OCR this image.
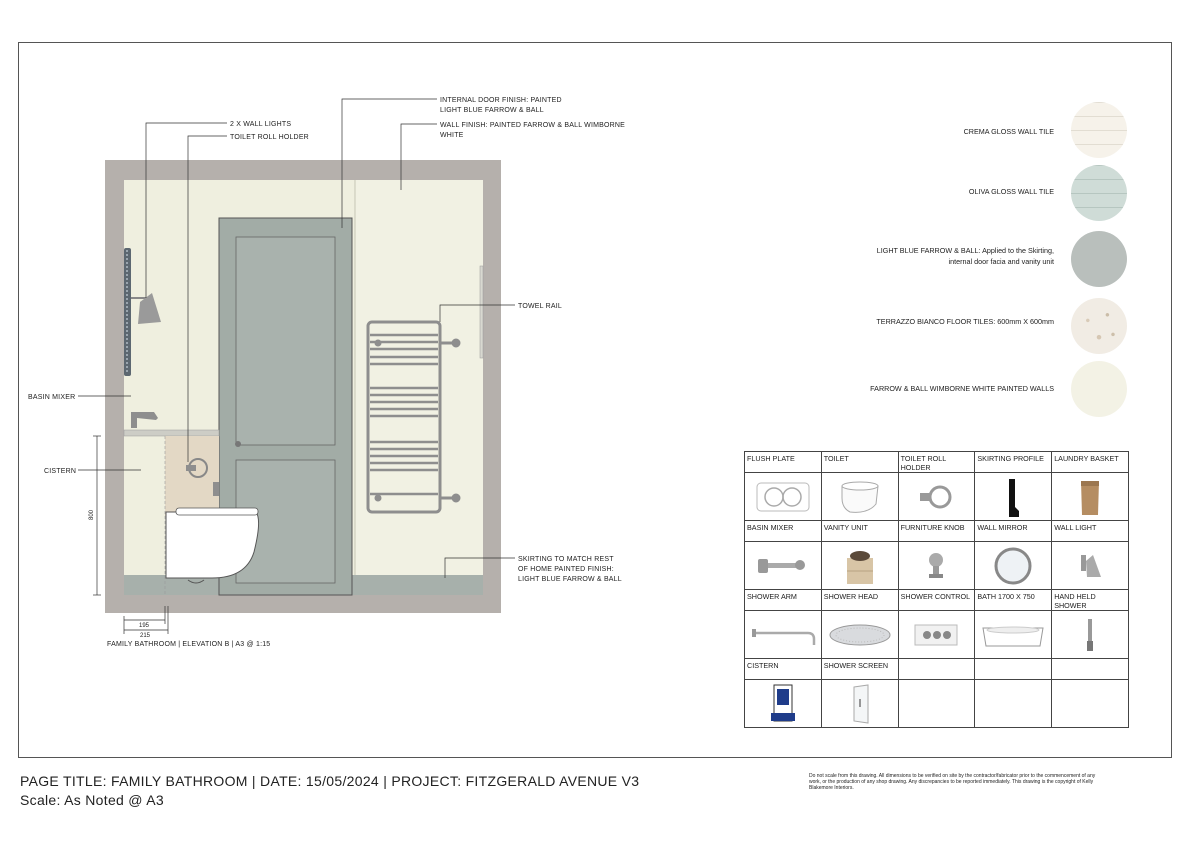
2 X WALL LIGHTS
TOILET ROLL HOLDER
INTERNAL DOOR FINISH: PAINTED
LIGHT BLUE FARROW & BALL
WALL FINISH: PAINTED FARROW & BALL WIMBORNE
WHITE
TOWEL RAIL
BASIN MIXER
CISTERN
SKIRTING TO MATCH REST
OF HOME PAINTED FINISH:
LIGHT BLUE FARROW & BALL
800
195
215
FAMILY BATHROOM | ELEVATION B | A3 @ 1:15
CREMA GLOSS WALL TILE
OLIVA GLOSS WALL TILE
LIGHT BLUE FARROW & BALL: Applied to the Skirting,
internal door facia and vanity unit
TERRAZZO BIANCO FLOOR TILES: 600mm X 600mm
FARROW & BALL WIMBORNE WHITE PAINTED WALLS
FLUSH PLATE	TOILET	TOILET ROLL HOLDER	SKIRTING PROFILE	LAUNDRY BASKET

BASIN MIXER	VANITY UNIT	FURNITURE KNOB	WALL MIRROR	WALL LIGHT

SHOWER ARM	SHOWER HEAD	SHOWER CONTROL	BATH 1700 X 750	HAND HELD SHOWER

CISTERN	SHOWER SCREEN			

PAGE TITLE: FAMILY BATHROOM | DATE: 15/05/2024 | PROJECT: FITZGERALD AVENUE V3
Scale: As Noted @ A3
Do not scale from this drawing. All dimensions to be verified on site by the contractor/fabricator prior to the commencement of any work, or the production of any shop drawing. Any discrepancies to be reported immediately. This drawing is the copyright of Kelly Blakemore Interiors.
